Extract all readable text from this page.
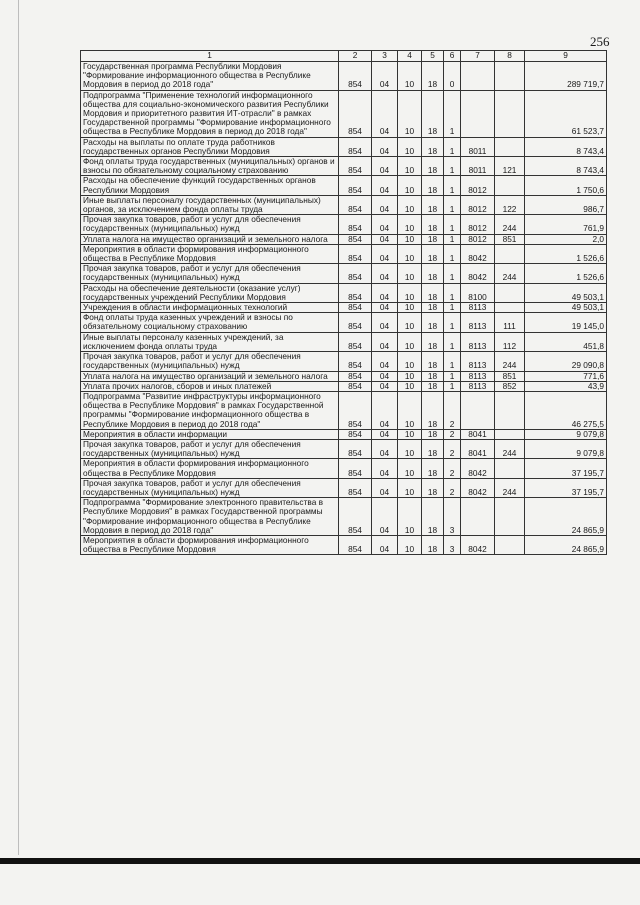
256
1	2	3	4	5	6	7	8	9
Государственная программа Республики Мордовия "Формирование информационного общества в Республике Мордовия в период до 2018 года"	854	04	10	18	0			289 719,7
Подпрограмма "Применение технологий информационного общества для социально-экономического развития Республики Мордовия и приоритетного развития ИТ-отрасли" в рамках Государственной программы "Формирование информационного общества в Республике Мордовия в период до 2018 года"	854	04	10	18	1			61 523,7
Расходы на выплаты по оплате труда работников государственных органов Республики Мордовия	854	04	10	18	1	8011		8 743,4
Фонд оплаты труда государственных (муниципальных) органов и взносы по обязательному социальному страхованию	854	04	10	18	1	8011	121	8 743,4
Расходы на обеспечение функций государственных органов Республики Мордовия	854	04	10	18	1	8012		1 750,6
Иные выплаты персоналу государственных (муниципальных) органов, за исключением фонда оплаты труда	854	04	10	18	1	8012	122	986,7
Прочая закупка товаров, работ и услуг для обеспечения государственных (муниципальных) нужд	854	04	10	18	1	8012	244	761,9
Уплата налога на имущество организаций и земельного налога	854	04	10	18	1	8012	851	2,0
Мероприятия в области формирования информационного общества в Республике Мордовия	854	04	10	18	1	8042		1 526,6
Прочая закупка товаров, работ и услуг для обеспечения государственных (муниципальных) нужд	854	04	10	18	1	8042	244	1 526,6
Расходы на обеспечение деятельности (оказание услуг) государственных учреждений Республики Мордовия	854	04	10	18	1	8100		49 503,1
Учреждения в области информационных технологий	854	04	10	18	1	8113		49 503,1
Фонд оплаты труда казенных учреждений и взносы по обязательному социальному страхованию	854	04	10	18	1	8113	111	19 145,0
Иные выплаты персоналу казенных учреждений, за исключением фонда оплаты труда	854	04	10	18	1	8113	112	451,8
Прочая закупка товаров, работ и услуг для обеспечения государственных (муниципальных) нужд	854	04	10	18	1	8113	244	29 090,8
Уплата налога на имущество организаций и земельного налога	854	04	10	18	1	8113	851	771,6
Уплата прочих налогов, сборов и иных платежей	854	04	10	18	1	8113	852	43,9
Подпрограмма "Развитие инфраструктуры информационного общества в Республике Мордовия" в рамках Государственной программы "Формирование информационного общества в Республике Мордовия в период до 2018 года"	854	04	10	18	2			46 275,5
Мероприятия в области информации	854	04	10	18	2	8041		9 079,8
Прочая закупка товаров, работ и услуг для обеспечения государственных (муниципальных) нужд	854	04	10	18	2	8041	244	9 079,8
Мероприятия в области формирования информационного общества в Республике Мордовия	854	04	10	18	2	8042		37 195,7
Прочая закупка товаров, работ и услуг для обеспечения государственных (муниципальных) нужд	854	04	10	18	2	8042	244	37 195,7
Подпрограмма "Формирование электронного правительства в Республике Мордовия" в рамках Государственной программы "Формирование информационного общества в Республике Мордовия в период до 2018 года"	854	04	10	18	3			24 865,9
Мероприятия в области формирования информационного общества в Республике Мордовия	854	04	10	18	3	8042		24 865,9
